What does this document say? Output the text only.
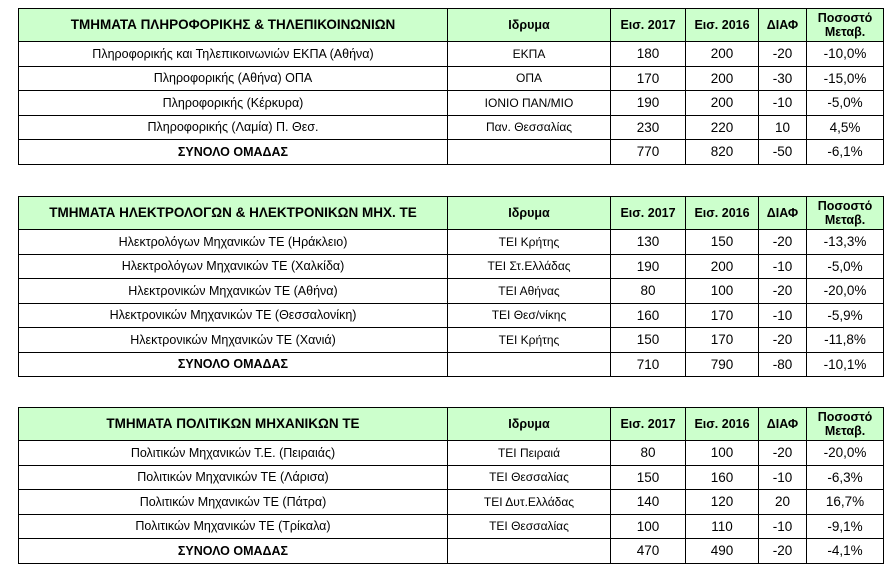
ΤΜΗΜΑΤΑ ΠΛΗΡΟΦΟΡΙΚΗΣ & ΤΗΛΕΠΙΚΟΙΝΩΝΙΩΝ	Ιδρυμα	Εισ. 2017	Εισ. 2016	ΔΙΑΦ	Ποσοστό Μεταβ.
Πληροφορικής και Τηλεπικοινωνιών ΕΚΠΑ (Αθήνα)	ΕΚΠΑ	180	200	-20	-10,0%
Πληροφορικής (Αθήνα) ΟΠΑ	ΟΠΑ	170	200	-30	-15,0%
Πληροφορικής (Κέρκυρα)	ΙΟΝΙΟ ΠΑΝ/ΜΙΟ	190	200	-10	-5,0%
Πληροφορικής (Λαμία) Π. Θεσ.	Παν. Θεσσαλίας	230	220	10	4,5%
ΣΥΝΟΛΟ ΟΜΑΔΑΣ		770	820	-50	-6,1%
ΤΜΗΜΑΤΑ ΗΛΕΚΤΡΟΛΟΓΩΝ & ΗΛΕΚΤΡΟΝΙΚΩΝ ΜΗΧ. ΤΕ	Ιδρυμα	Εισ. 2017	Εισ. 2016	ΔΙΑΦ	Ποσοστό Μεταβ.
Ηλεκτρολόγων Μηχανικών ΤΕ (Ηράκλειο)	ΤΕΙ Κρήτης	130	150	-20	-13,3%
Ηλεκτρολόγων Μηχανικών ΤΕ (Χαλκίδα)	ΤΕΙ Στ.Ελλάδας	190	200	-10	-5,0%
Ηλεκτρονικών Μηχανικών ΤΕ (Αθήνα)	ΤΕΙ Αθήνας	80	100	-20	-20,0%
Ηλεκτρονικών Μηχανικών ΤΕ (Θεσσαλονίκη)	ΤΕΙ Θεσ/νίκης	160	170	-10	-5,9%
Ηλεκτρονικών Μηχανικών ΤΕ (Χανιά)	ΤΕΙ Κρήτης	150	170	-20	-11,8%
ΣΥΝΟΛΟ ΟΜΑΔΑΣ		710	790	-80	-10,1%
ΤΜΗΜΑΤΑ ΠΟΛΙΤΙΚΩΝ ΜΗΧΑΝΙΚΩΝ ΤΕ	Ιδρυμα	Εισ. 2017	Εισ. 2016	ΔΙΑΦ	Ποσοστό Μεταβ.
Πολιτικών Μηχανικών Τ.Ε. (Πειραιάς)	ΤΕΙ Πειραιά	80	100	-20	-20,0%
Πολιτικών Μηχανικών ΤΕ (Λάρισα)	ΤΕΙ Θεσσαλίας	150	160	-10	-6,3%
Πολιτικών Μηχανικών ΤΕ (Πάτρα)	ΤΕΙ Δυτ.Ελλάδας	140	120	20	16,7%
Πολιτικών Μηχανικών ΤΕ (Τρίκαλα)	ΤΕΙ Θεσσαλίας	100	110	-10	-9,1%
ΣΥΝΟΛΟ ΟΜΑΔΑΣ		470	490	-20	-4,1%
